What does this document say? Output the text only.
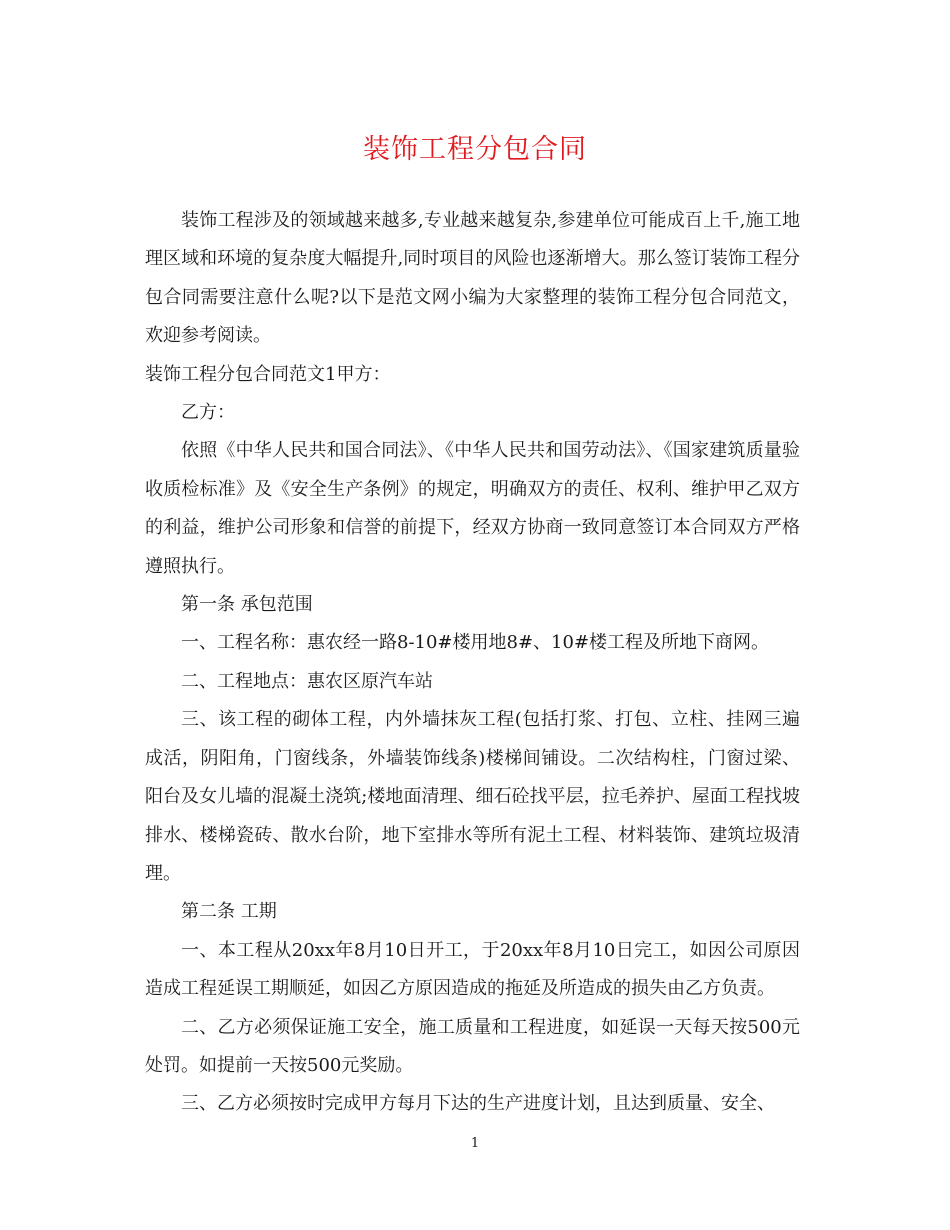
装饰工程分包合同

装饰工程涉及的领域越来越多,专业越来越复杂,参建单位可能成百上千,施工地理区域和环境的复杂度大幅提升,同时项目的风险也逐渐增大。那么签订装饰工程分包合同需要注意什么呢?以下是范文网小编为大家整理的装饰工程分包合同范文，欢迎参考阅读。

装饰工程分包合同范文1甲方：

乙方：

依照《中华人民共和国合同法》、《中华人民共和国劳动法》、《国家建筑质量验收质检标准》及《安全生产条例》的规定，明确双方的责任、权利、维护甲乙双方的利益，维护公司形象和信誉的前提下，经双方协商一致同意签订本合同双方严格遵照执行。

第一条 承包范围

一、工程名称：惠农经一路8-10#楼用地8#、10#楼工程及所地下商网。

二、工程地点：惠农区原汽车站

三、该工程的砌体工程，内外墙抹灰工程(包括打浆、打包、立柱、挂网三遍成活，阴阳角，门窗线条，外墙装饰线条)楼梯间铺设。二次结构柱，门窗过梁、阳台及女儿墙的混凝土浇筑;楼地面清理、细石砼找平层，拉毛养护、屋面工程找坡排水、楼梯瓷砖、散水台阶，地下室排水等所有泥土工程、材料装饰、建筑垃圾清理。

第二条 工期

一、本工程从20xx年8月10日开工，于20xx年8月10日完工，如因公司原因造成工程延误工期顺延，如因乙方原因造成的拖延及所造成的损失由乙方负责。

二、乙方必须保证施工安全，施工质量和工程进度，如延误一天每天按500元处罚。如提前一天按500元奖励。

三、乙方必须按时完成甲方每月下达的生产进度计划，且达到质量、安全、

1
